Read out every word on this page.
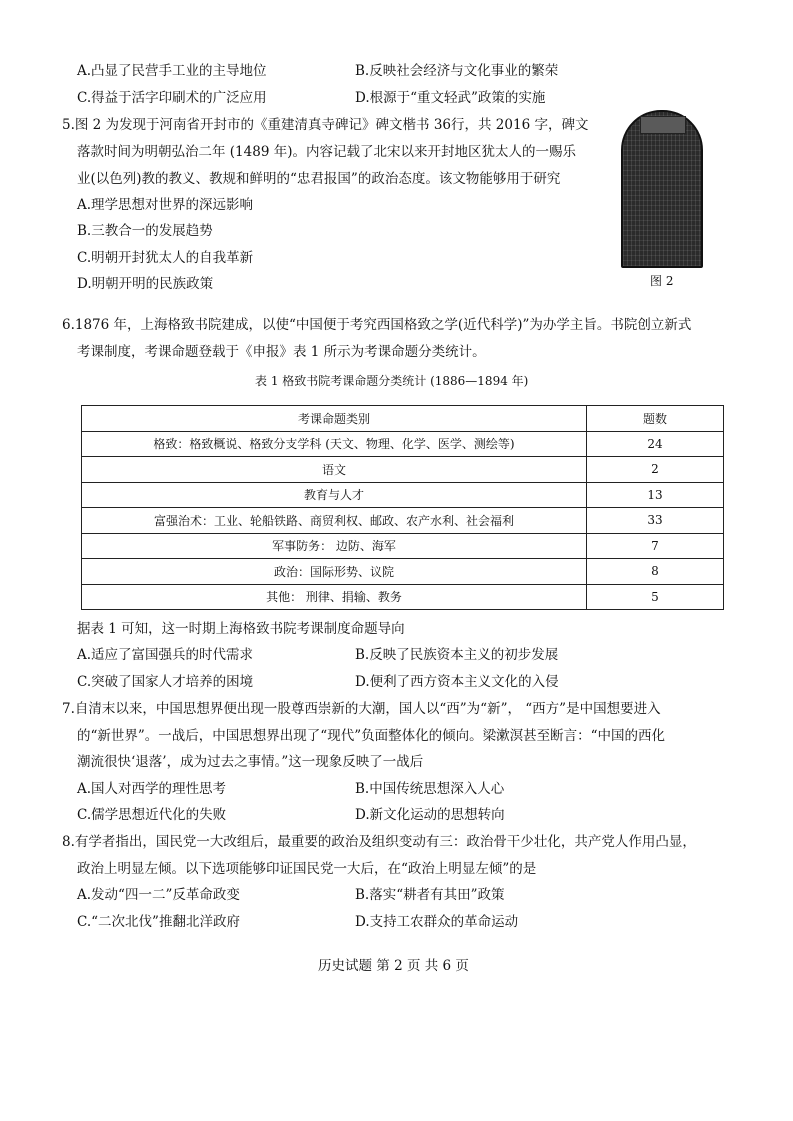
A.凸显了民营手工业的主导地位	B.反映社会经济与文化事业的繁荣
C.得益于活字印刷术的广泛应用	D.根源于“重文轻武”政策的实施
5.图 2 为发现于河南省开封市的《重建清真寺碑记》碑文楷书 36行，共 2016 字，碑文
落款时间为明朝弘治二年 (1489 年)。内容记载了北宋以来开封地区犹太人的一赐乐
业(以色列)教的教义、教规和鲜明的“忠君报国”的政治态度。该文物能够用于研究
A.理学思想对世界的深远影响
B.三教合一的发展趋势
C.明朝开封犹太人的自我革新
D.明朝开明的民族政策	图 2
6.1876 年，上海格致书院建成，以使“中国便于考究西国格致之学(近代科学)”为办学主旨。书院创立新式
考课制度，考课命题登载于《申报》表 1 所示为考课命题分类统计。
表 1 格致书院考课命题分类统计 (1886—1894 年)
考课命题类别	题数
格致：格致概说、格致分支学科 (天文、物理、化学、医学、测绘等)	24
语文	2
教育与人才	13
富强治术：工业、轮船铁路、商贸利权、邮政、农产水利、社会福利	33
军事防务： 边防、海军	7
政治：国际形势、议院	8
其他： 刑律、捐输、教务	5
据表 1 可知，这一时期上海格致书院考课制度命题导向
A.适应了富国强兵的时代需求	B.反映了民族资本主义的初步发展
C.突破了国家人才培养的困境	D.便利了西方资本主义文化的入侵
7.自清末以来，中国思想界便出现一股尊西崇新的大潮，国人以“西”为“新”， “西方”是中国想要进入
的“新世界”。一战后，中国思想界出现了“现代”负面整体化的倾向。梁漱溟甚至断言：“中国的西化
潮流很快‘退落’，成为过去之事情。”这一现象反映了一战后
A.国人对西学的理性思考	B.中国传统思想深入人心
C.儒学思想近代化的失败	D.新文化运动的思想转向
8.有学者指出，国民党一大改组后，最重要的政治及组织变动有三：政治骨干少壮化，共产党人作用凸显，
政治上明显左倾。以下选项能够印证国民党一大后，在“政治上明显左倾”的是
A.发动“四一二”反革命政变	B.落实“耕者有其田”政策
C.“二次北伐”推翻北洋政府	D.支持工农群众的革命运动
历史试题 第 2 页 共 6 页
